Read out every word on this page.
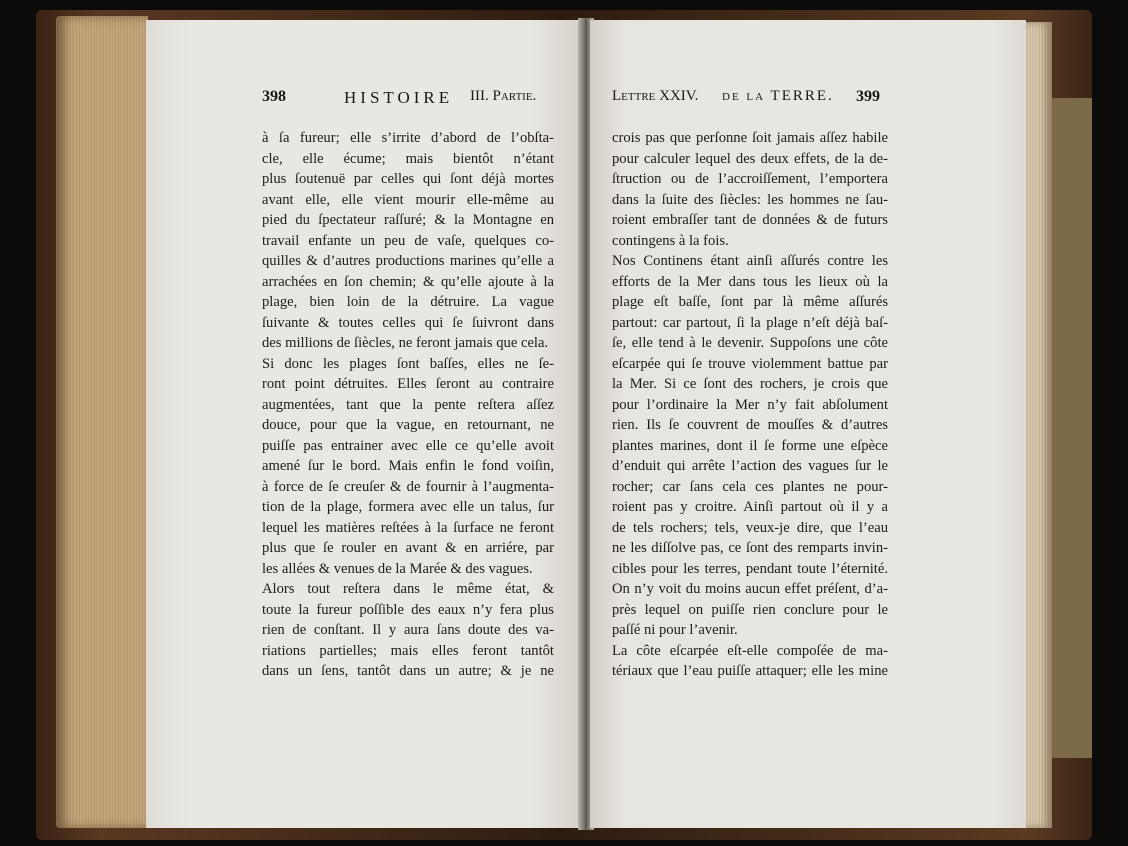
398	HISTOIRE III. Partie.
à ſa fureur; elle s’irrite d’abord de l’obſta-
cle, elle écume; mais bientôt n’étant
plus ſoutenuë par celles qui ſont déjà mortes
avant elle, elle vient mourir elle-même au
pied du ſpectateur raſſuré; & la Montagne en
travail enfante un peu de vaſe, quelques co-
quilles & d’autres productions marines qu’elle a
arrachées en ſon chemin; & qu’elle ajoute à la
plage, bien loin de la détruire. La vague
ſuivante & toutes celles qui ſe ſuivront dans
des millions de ſiècles, ne feront jamais que cela.
Si donc les plages ſont baſſes, elles ne ſe-
ront point détruites. Elles ſeront au contraire
augmentées, tant que la pente reſtera aſſez
douce, pour que la vague, en retournant, ne
puiſſe pas entrainer avec elle ce qu’elle avoit
amené ſur le bord. Mais enfin le fond voiſin,
à force de ſe creuſer & de fournir à l’augmenta-
tion de la plage, formera avec elle un talus, ſur
lequel les matières reſtées à la ſurface ne feront
plus que ſe rouler en avant & en arriére, par
les allées & venues de la Marée & des vagues.
Alors tout reſtera dans le même état, &
toute la fureur poſſible des eaux n’y fera plus
rien de conſtant. Il y aura ſans doute des va-
riations partielles; mais elles feront tantôt
dans un ſens, tantôt dans un autre; & je ne
Lettre XXIV. de la TERRE. 399
crois pas que perſonne ſoit jamais aſſez habile
pour calculer lequel des deux effets, de la de-
ſtruction ou de l’accroiſſement, l’emportera
dans la ſuite des ſiècles: les hommes ne ſau-
roient embraſſer tant de données & de futurs
contingens à la fois.
Nos Continens étant ainſi aſſurés contre les
efforts de la Mer dans tous les lieux où la
plage eſt baſſe, ſont par là même aſſurés
partout: car partout, ſi la plage n’eſt déjà baſ-
ſe, elle tend à le devenir. Suppoſons une côte
eſcarpée qui ſe trouve violemment battue par
la Mer. Si ce ſont des rochers, je crois que
pour l’ordinaire la Mer n’y fait abſolument
rien. Ils ſe couvrent de mouſſes & d’autres
plantes marines, dont il ſe forme une eſpèce
d’enduit qui arrête l’action des vagues ſur le
rocher; car ſans cela ces plantes ne pour-
roient pas y croitre. Ainſi partout où il y a
de tels rochers; tels, veux-je dire, que l’eau
ne les diſſolve pas, ce ſont des remparts invin-
cibles pour les terres, pendant toute l’éternité.
On n’y voit du moins aucun effet préſent, d’a-
près lequel on puiſſe rien conclure pour le
paſſé ni pour l’avenir.
La côte eſcarpée eſt-elle compoſée de ma-
tériaux que l’eau puiſſe attaquer; elle les mine
